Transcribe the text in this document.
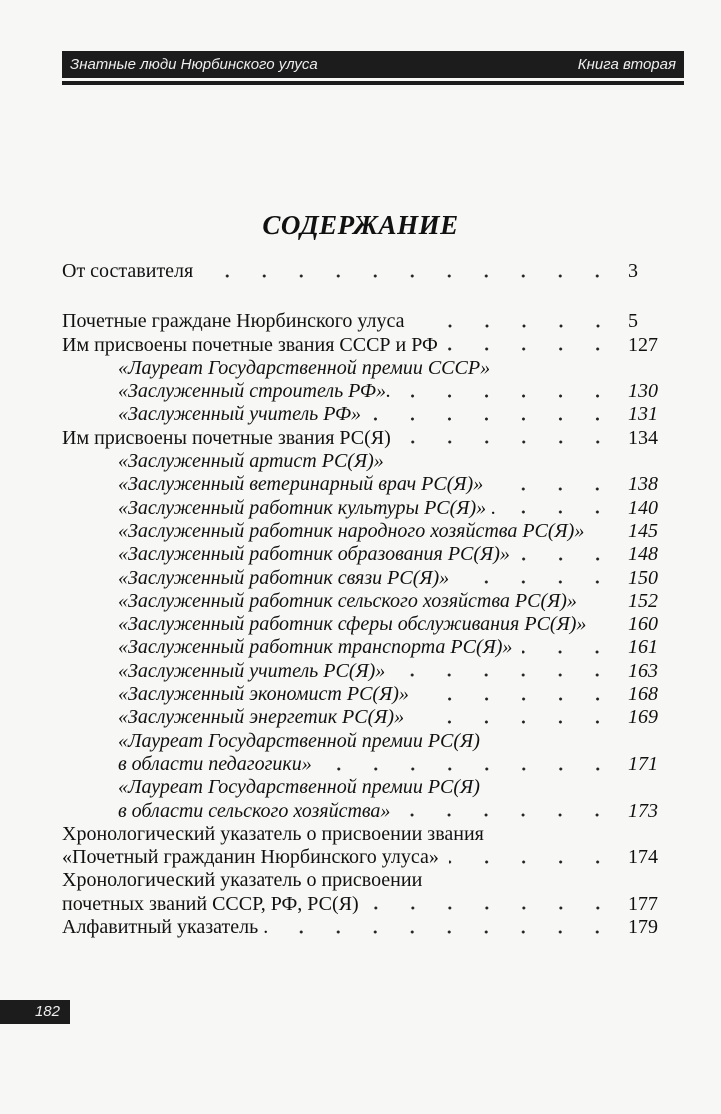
Знатные люди Нюрбинского улуса	Книга вторая
СОДЕРЖАНИЕ
От составителя	3
Почетные граждане Нюрбинского улуса	5
Им присвоены почетные звания СССР и РФ	127
«Лауреат Государственной премии СССР»
«Заслуженный строитель РФ».	130
«Заслуженный учитель РФ»	131
Им присвоены почетные звания РС(Я)	134
«Заслуженный артист РС(Я)»
«Заслуженный ветеринарный врач РС(Я)»	138
«Заслуженный работник культуры РС(Я)» .	140
«Заслуженный работник народного хозяйства РС(Я)» 145
«Заслуженный работник образования РС(Я)»	148
«Заслуженный работник связи РС(Я)»	150
«Заслуженный работник сельского хозяйства РС(Я)»	152
«Заслуженный работник сферы обслуживания РС(Я)» 160
«Заслуженный работник транспорта РС(Я)»	161
«Заслуженный учитель РС(Я)»	163
«Заслуженный экономист РС(Я)»	168
«Заслуженный энергетик РС(Я)»	169
«Лауреат Государственной премии РС(Я)
в области педагогики»	171
«Лауреат Государственной премии РС(Я)
в области сельского хозяйства»	173
Хронологический указатель о присвоении звания
«Почетный гражданин Нюрбинского улуса»	174
Хронологический указатель о присвоении
почетных званий СССР, РФ, РС(Я)	177
Алфавитный указатель .	179
182
